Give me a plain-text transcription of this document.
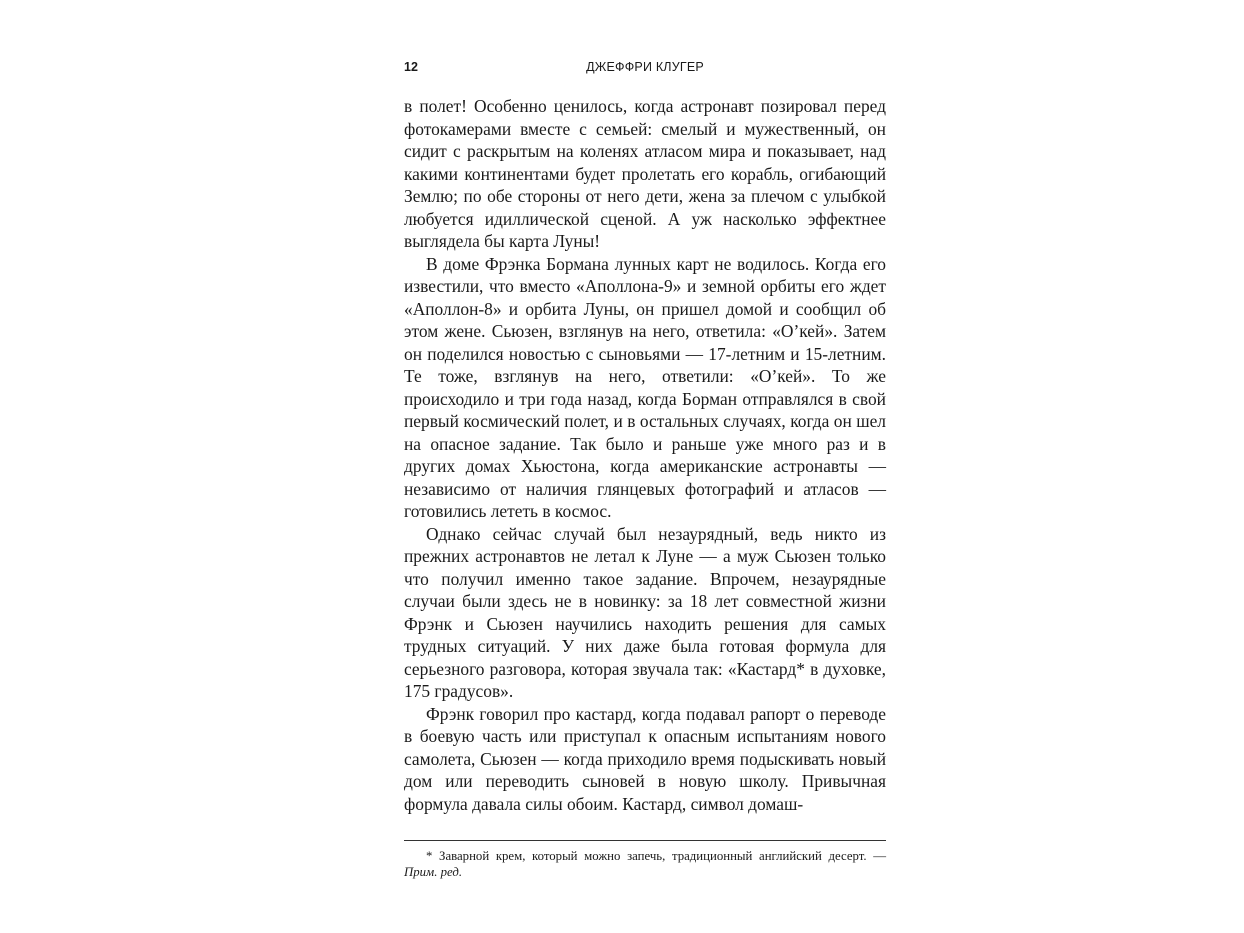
12	ДЖЕФФРИ КЛУГЕР

в полет! Особенно ценилось, когда астронавт позировал перед фотокамерами вместе с семьей: смелый и мужественный, он сидит с раскрытым на коленях атласом мира и показывает, над какими континентами будет пролетать его корабль, огибающий Землю; по обе стороны от него дети, жена за плечом с улыбкой любуется идиллической сценой. А уж насколько эффектнее выглядела бы карта Луны!

В доме Фрэнка Бормана лунных карт не водилось. Когда его известили, что вместо «Аполлона-9» и земной орбиты его ждет «Аполлон-8» и орбита Луны, он пришел домой и сообщил об этом жене. Сьюзен, взглянув на него, ответила: «О’кей». Затем он поделился новостью с сыновьями — 17-летним и 15-летним. Те тоже, взглянув на него, ответили: «О’кей». То же происходило и три года назад, когда Борман отправлялся в свой первый космический полет, и в остальных случаях, когда он шел на опасное задание. Так было и раньше уже много раз и в других домах Хьюстона, когда американские астронавты — независимо от наличия глянцевых фотографий и атласов — готовились лететь в космос.

Однако сейчас случай был незаурядный, ведь никто из прежних астронавтов не летал к Луне — а муж Сьюзен только что получил именно такое задание. Впрочем, незаурядные случаи были здесь не в новинку: за 18 лет совместной жизни Фрэнк и Сьюзен научились находить решения для самых трудных ситуаций. У них даже была готовая формула для серьезного разговора, которая звучала так: «Кастард* в духовке, 175 градусов».

Фрэнк говорил про кастард, когда подавал рапорт о переводе в боевую часть или приступал к опасным испытаниям нового самолета, Сьюзен — когда приходило время подыскивать новый дом или переводить сыновей в новую школу. Привычная формула давала силы обоим. Кастард, символ домаш-

* Заварной крем, который можно запечь, традиционный английский десерт. — Прим. ред.
